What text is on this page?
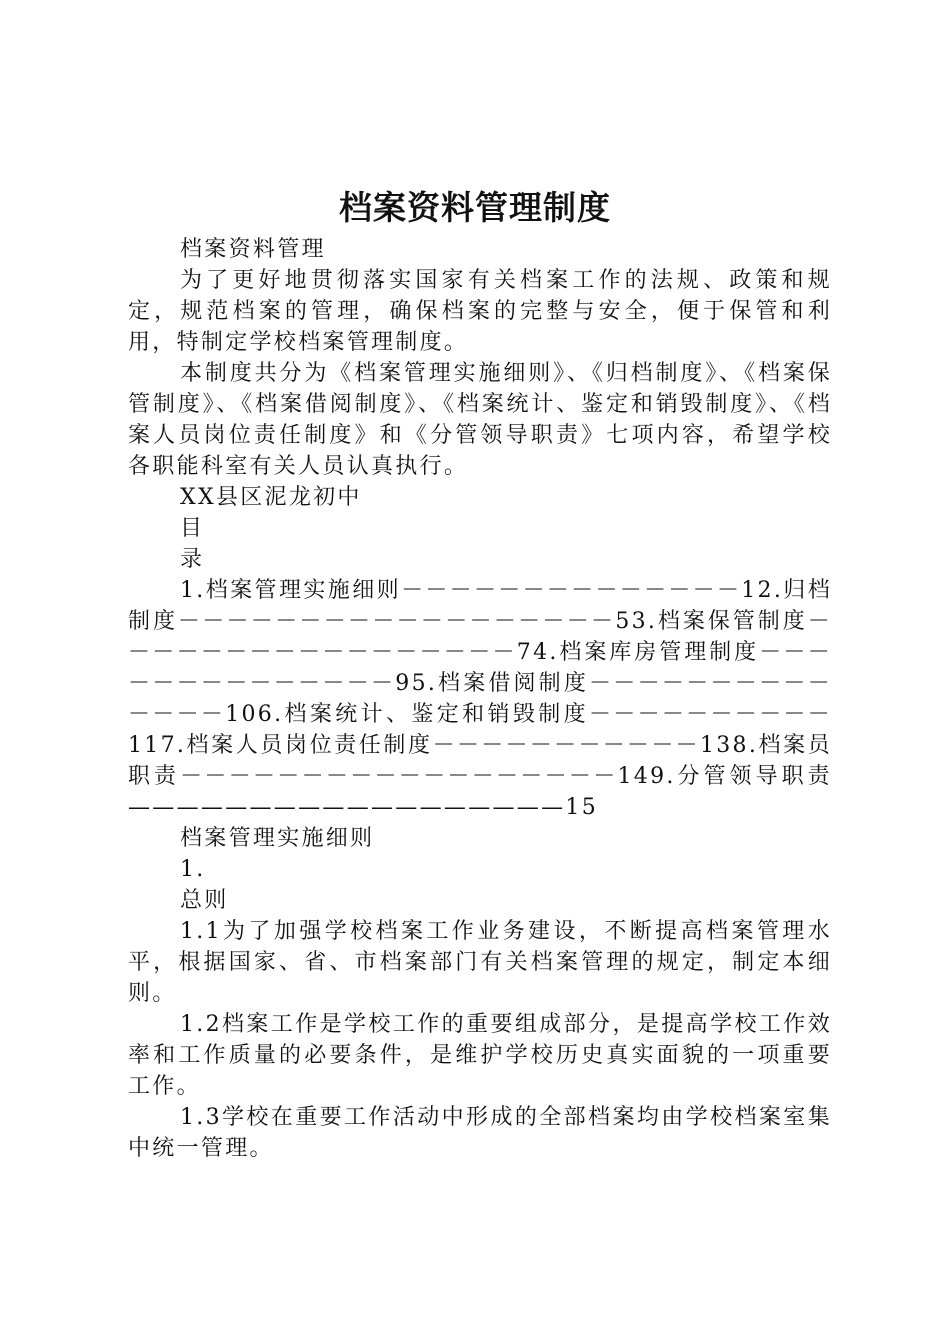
档案资料管理制度

档案资料管理

为了更好地贯彻落实国家有关档案工作的法规、政策和规定，规范档案的管理，确保档案的完整与安全，便于保管和利用，特制定学校档案管理制度。

本制度共分为《档案管理实施细则》、《归档制度》、《档案保管制度》、《档案借阅制度》、《档案统计、鉴定和销毁制度》、《档案人员岗位责任制度》和《分管领导职责》七项内容，希望学校各职能科室有关人员认真执行。

XX县区泥龙初中

目

录

1.档案管理实施细则－－－－－－－－－－－－－－12.归档制度－－－－－－－－－－－－－－－－－－53.档案保管制度－－－－－－－－－－－－－－－－－74.档案库房管理制度－－－－－－－－－－－－－－95.档案借阅制度－－－－－－－－－－－－－－106.档案统计、鉴定和销毁制度－－－－－－－－－－117.档案人员岗位责任制度－－－－－－－－－－－138.档案员职责－－－－－－－－－－－－－－－－－－149.分管领导职责——————————————————15

档案管理实施细则

1.

总则

1.1为了加强学校档案工作业务建设，不断提高档案管理水平，根据国家、省、市档案部门有关档案管理的规定，制定本细则。

1.2档案工作是学校工作的重要组成部分，是提高学校工作效率和工作质量的必要条件，是维护学校历史真实面貌的一项重要工作。

1.3学校在重要工作活动中形成的全部档案均由学校档案室集中统一管理。
